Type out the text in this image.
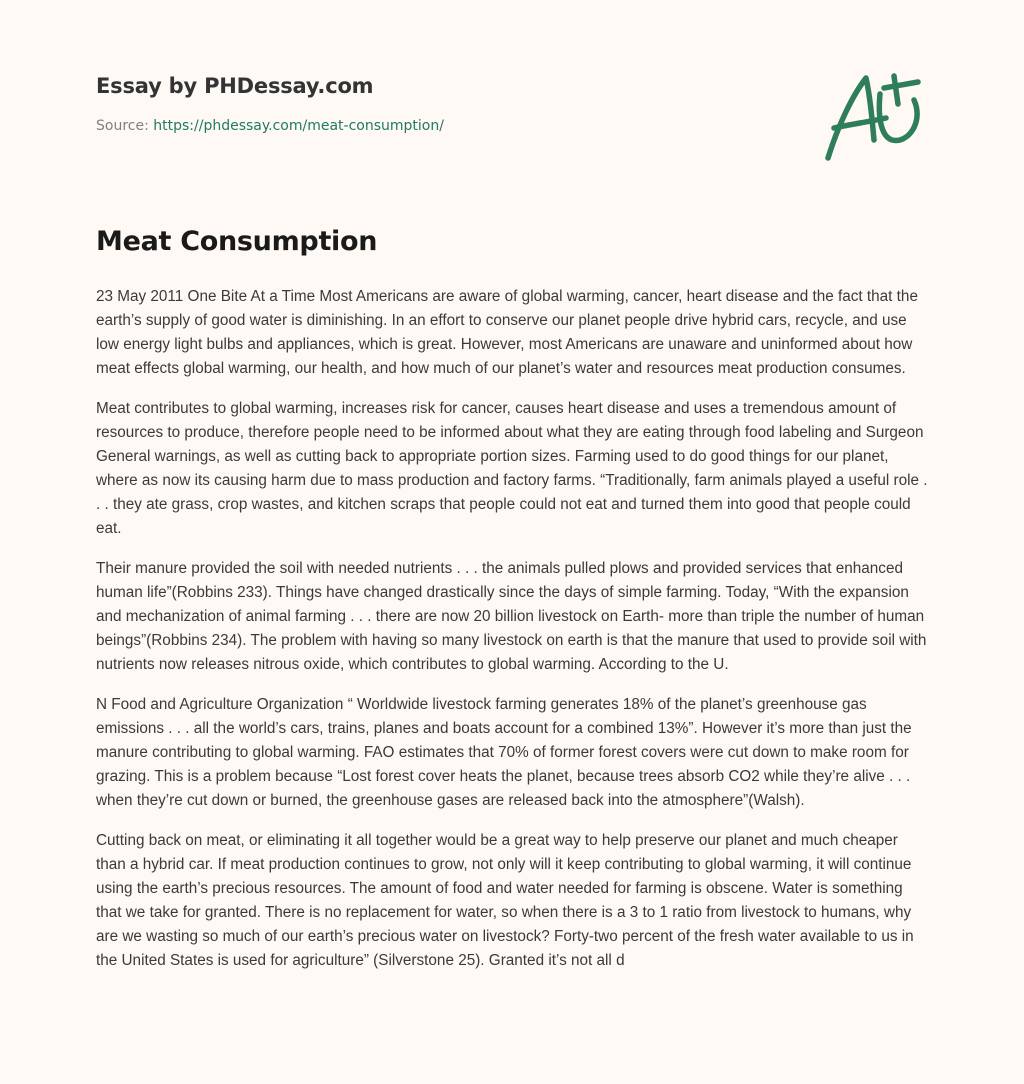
Essay by PHDessay.com
Source: https://phdessay.com/meat-consumption/
Meat Consumption

23 May 2011 One Bite At a Time Most Americans are aware of global warming, cancer, heart disease and the fact that the earth’s supply of good water is diminishing. In an effort to conserve our planet people drive hybrid cars, recycle, and use low energy light bulbs and appliances, which is great. However, most Americans are unaware and uninformed about how meat effects global warming, our health, and how much of our planet’s water and resources meat production consumes.

Meat contributes to global warming, increases risk for cancer, causes heart disease and uses a tremendous amount of resources to produce, therefore people need to be informed about what they are eating through food labeling and Surgeon General warnings, as well as cutting back to appropriate portion sizes. Farming used to do good things for our planet, where as now its causing harm due to mass production and factory farms. “Traditionally, farm animals played a useful role . . . they ate grass, crop wastes, and kitchen scraps that people could not eat and turned them into good that people could eat.

Their manure provided the soil with needed nutrients . . . the animals pulled plows and provided services that enhanced human life”(Robbins 233). Things have changed drastically since the days of simple farming. Today, “With the expansion and mechanization of animal farming . . . there are now 20 billion livestock on Earth- more than triple the number of human beings”(Robbins 234). The problem with having so many livestock on earth is that the manure that used to provide soil with nutrients now releases nitrous oxide, which contributes to global warming. According to the U.

N Food and Agriculture Organization “ Worldwide livestock farming generates 18% of the planet’s greenhouse gas emissions . . . all the world’s cars, trains, planes and boats account for a combined 13%”. However it’s more than just the manure contributing to global warming. FAO estimates that 70% of former forest covers were cut down to make room for grazing. This is a problem because “Lost forest cover heats the planet, because trees absorb CO2 while they’re alive . . . when they’re cut down or burned, the greenhouse gases are released back into the atmosphere”(Walsh).

Cutting back on meat, or eliminating it all together would be a great way to help preserve our planet and much cheaper than a hybrid car. If meat production continues to grow, not only will it keep contributing to global warming, it will continue using the earth’s precious resources. The amount of food and water needed for farming is obscene. Water is something that we take for granted. There is no replacement for water, so when there is a 3 to 1 ratio from livestock to humans, why are we wasting so much of our earth’s precious water on livestock? Forty-two percent of the fresh water available to us in the United States is used for agriculture” (Silverstone 25). Granted it’s not all d
